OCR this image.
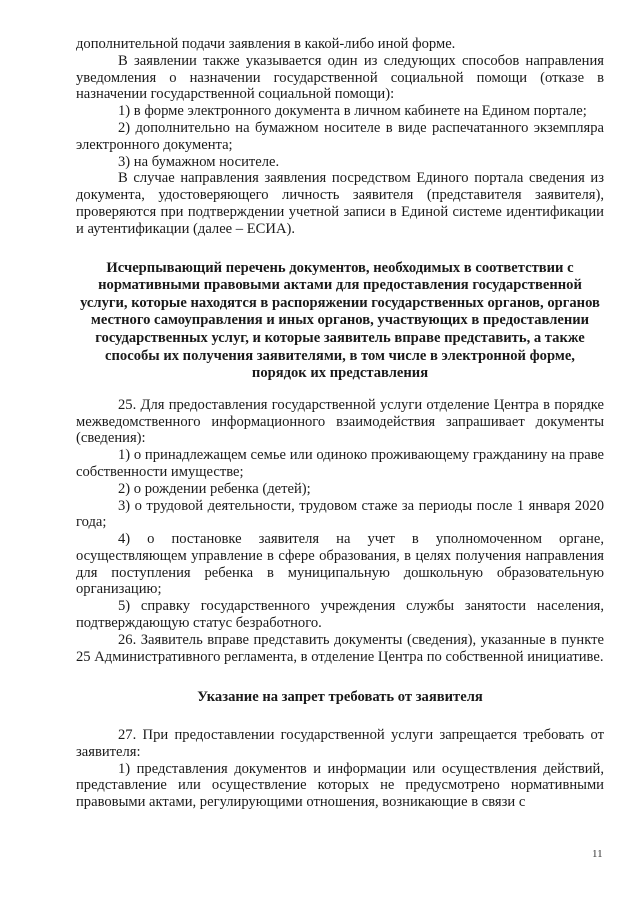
дополнительной подачи заявления в какой-либо иной форме.

В заявлении также указывается один из следующих способов направления уведомления о назначении государственной социальной помощи (отказе в назначении государственной социальной помощи):

1) в форме электронного документа в личном кабинете на Едином портале;

2) дополнительно на бумажном носителе в виде распечатанного экземпляра электронного документа;

3) на бумажном носителе.

В случае направления заявления посредством Единого портала сведения из документа, удостоверяющего личность заявителя (представителя заявителя), проверяются при подтверждении учетной записи в Единой системе идентификации и аутентификации (далее – ЕСИА).

Исчерпывающий перечень документов, необходимых в соответствии с нормативными правовыми актами для предоставления государственной услуги, которые находятся в распоряжении государственных органов, органов местного самоуправления и иных органов, участвующих в предоставлении государственных услуг, и которые заявитель вправе представить, а также способы их получения заявителями, в том числе в электронной форме, порядок их представления

25. Для предоставления государственной услуги отделение Центра в порядке межведомственного информационного взаимодействия запрашивает документы (сведения):

1) о принадлежащем семье или одиноко проживающему гражданину на праве собственности имуществе;

2) о рождении ребенка (детей);

3) о трудовой деятельности, трудовом стаже за периоды после 1 января 2020 года;

4) о постановке заявителя на учет в уполномоченном органе, осуществляющем управление в сфере образования, в целях получения направления для поступления ребенка в муниципальную дошкольную образовательную организацию;

5) справку государственного учреждения службы занятости населения, подтверждающую статус безработного.

26. Заявитель вправе представить документы (сведения), указанные в пункте 25 Административного регламента, в отделение Центра по собственной инициативе.

Указание на запрет требовать от заявителя

27. При предоставлении государственной услуги запрещается требовать от заявителя:

1) представления документов и информации или осуществления действий, представление или осуществление которых не предусмотрено нормативными правовыми актами, регулирующими отношения, возникающие в связи с

11
